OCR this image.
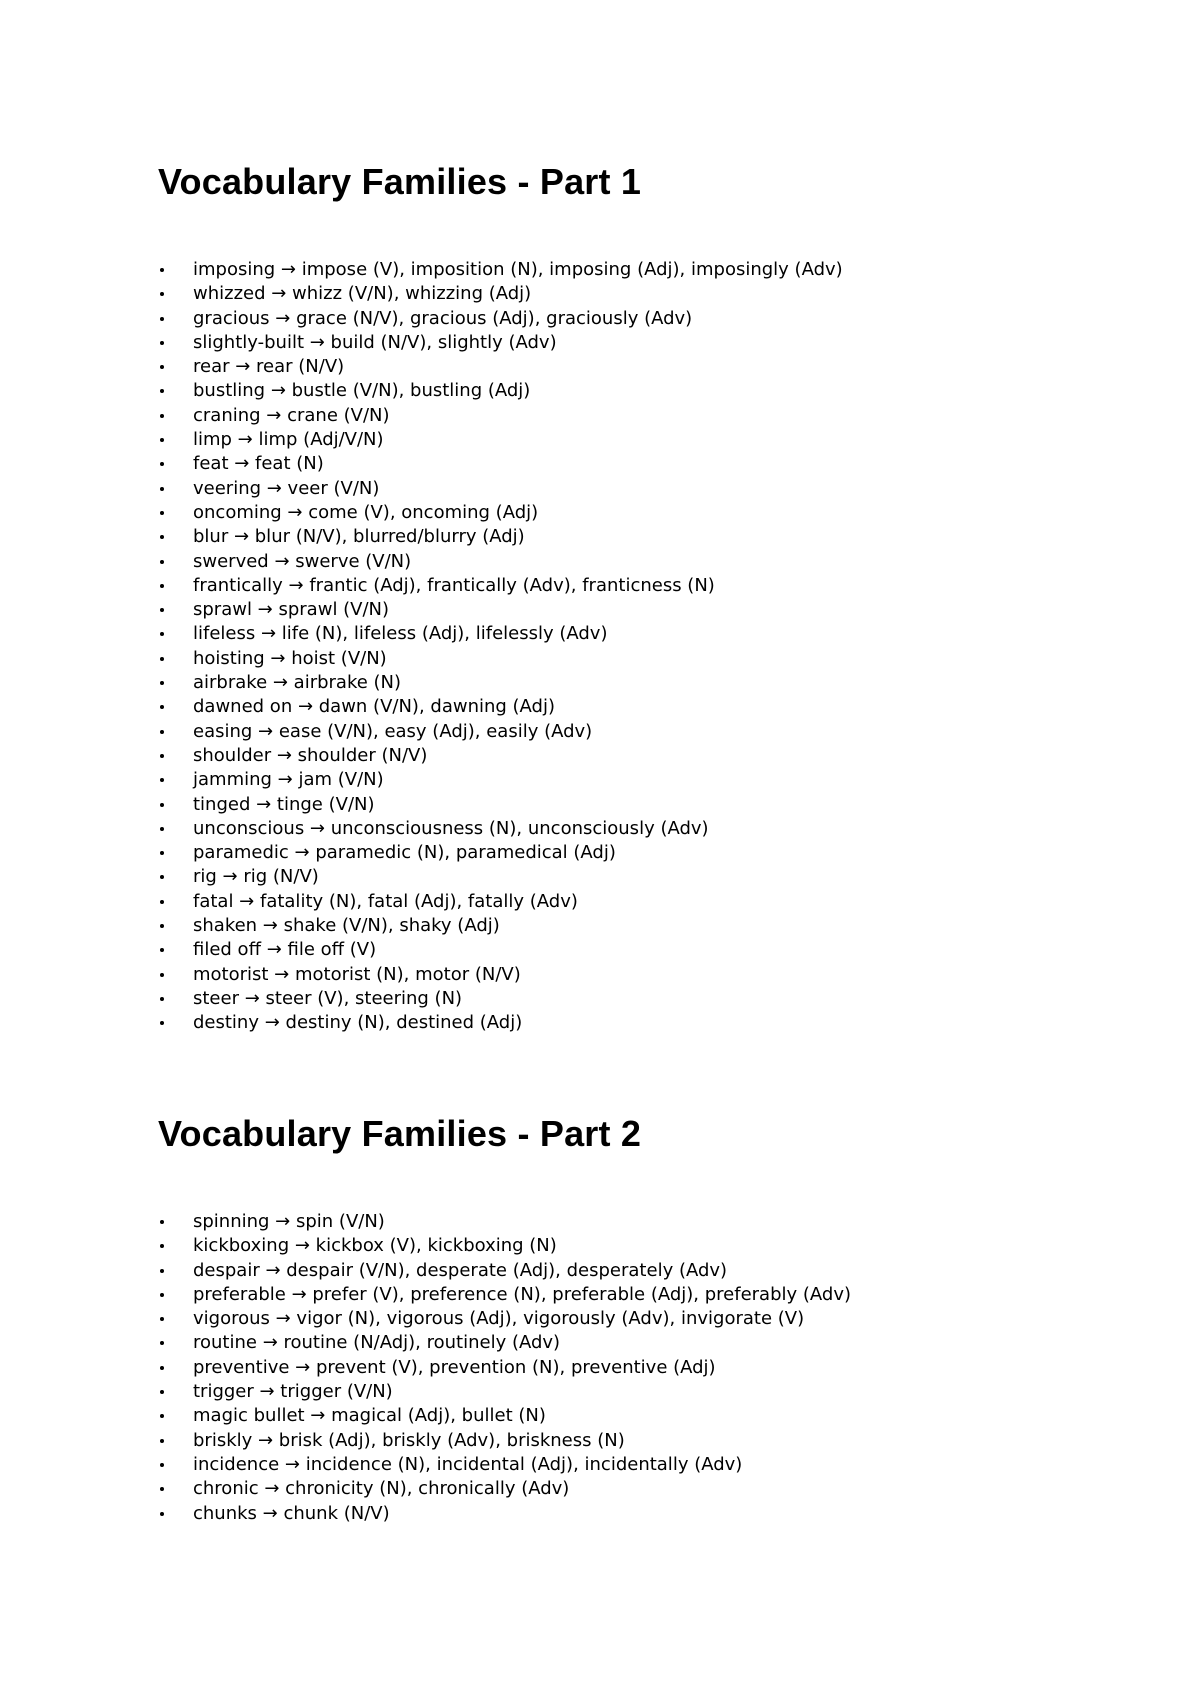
Vocabulary Families - Part 1
imposing → impose (V), imposition (N), imposing (Adj), imposingly (Adv)
whizzed → whizz (V/N), whizzing (Adj)
gracious → grace (N/V), gracious (Adj), graciously (Adv)
slightly-built → build (N/V), slightly (Adv)
rear → rear (N/V)
bustling → bustle (V/N), bustling (Adj)
craning → crane (V/N)
limp → limp (Adj/V/N)
feat → feat (N)
veering → veer (V/N)
oncoming → come (V), oncoming (Adj)
blur → blur (N/V), blurred/blurry (Adj)
swerved → swerve (V/N)
frantically → frantic (Adj), frantically (Adv), franticness (N)
sprawl → sprawl (V/N)
lifeless → life (N), lifeless (Adj), lifelessly (Adv)
hoisting → hoist (V/N)
airbrake → airbrake (N)
dawned on → dawn (V/N), dawning (Adj)
easing → ease (V/N), easy (Adj), easily (Adv)
shoulder → shoulder (N/V)
jamming → jam (V/N)
tinged → tinge (V/N)
unconscious → unconsciousness (N), unconsciously (Adv)
paramedic → paramedic (N), paramedical (Adj)
rig → rig (N/V)
fatal → fatality (N), fatal (Adj), fatally (Adv)
shaken → shake (V/N), shaky (Adj)
filed off → file off (V)
motorist → motorist (N), motor (N/V)
steer → steer (V), steering (N)
destiny → destiny (N), destined (Adj)
Vocabulary Families - Part 2
spinning → spin (V/N)
kickboxing → kickbox (V), kickboxing (N)
despair → despair (V/N), desperate (Adj), desperately (Adv)
preferable → prefer (V), preference (N), preferable (Adj), preferably (Adv)
vigorous → vigor (N), vigorous (Adj), vigorously (Adv), invigorate (V)
routine → routine (N/Adj), routinely (Adv)
preventive → prevent (V), prevention (N), preventive (Adj)
trigger → trigger (V/N)
magic bullet → magical (Adj), bullet (N)
briskly → brisk (Adj), briskly (Adv), briskness (N)
incidence → incidence (N), incidental (Adj), incidentally (Adv)
chronic → chronicity (N), chronically (Adv)
chunks → chunk (N/V)
